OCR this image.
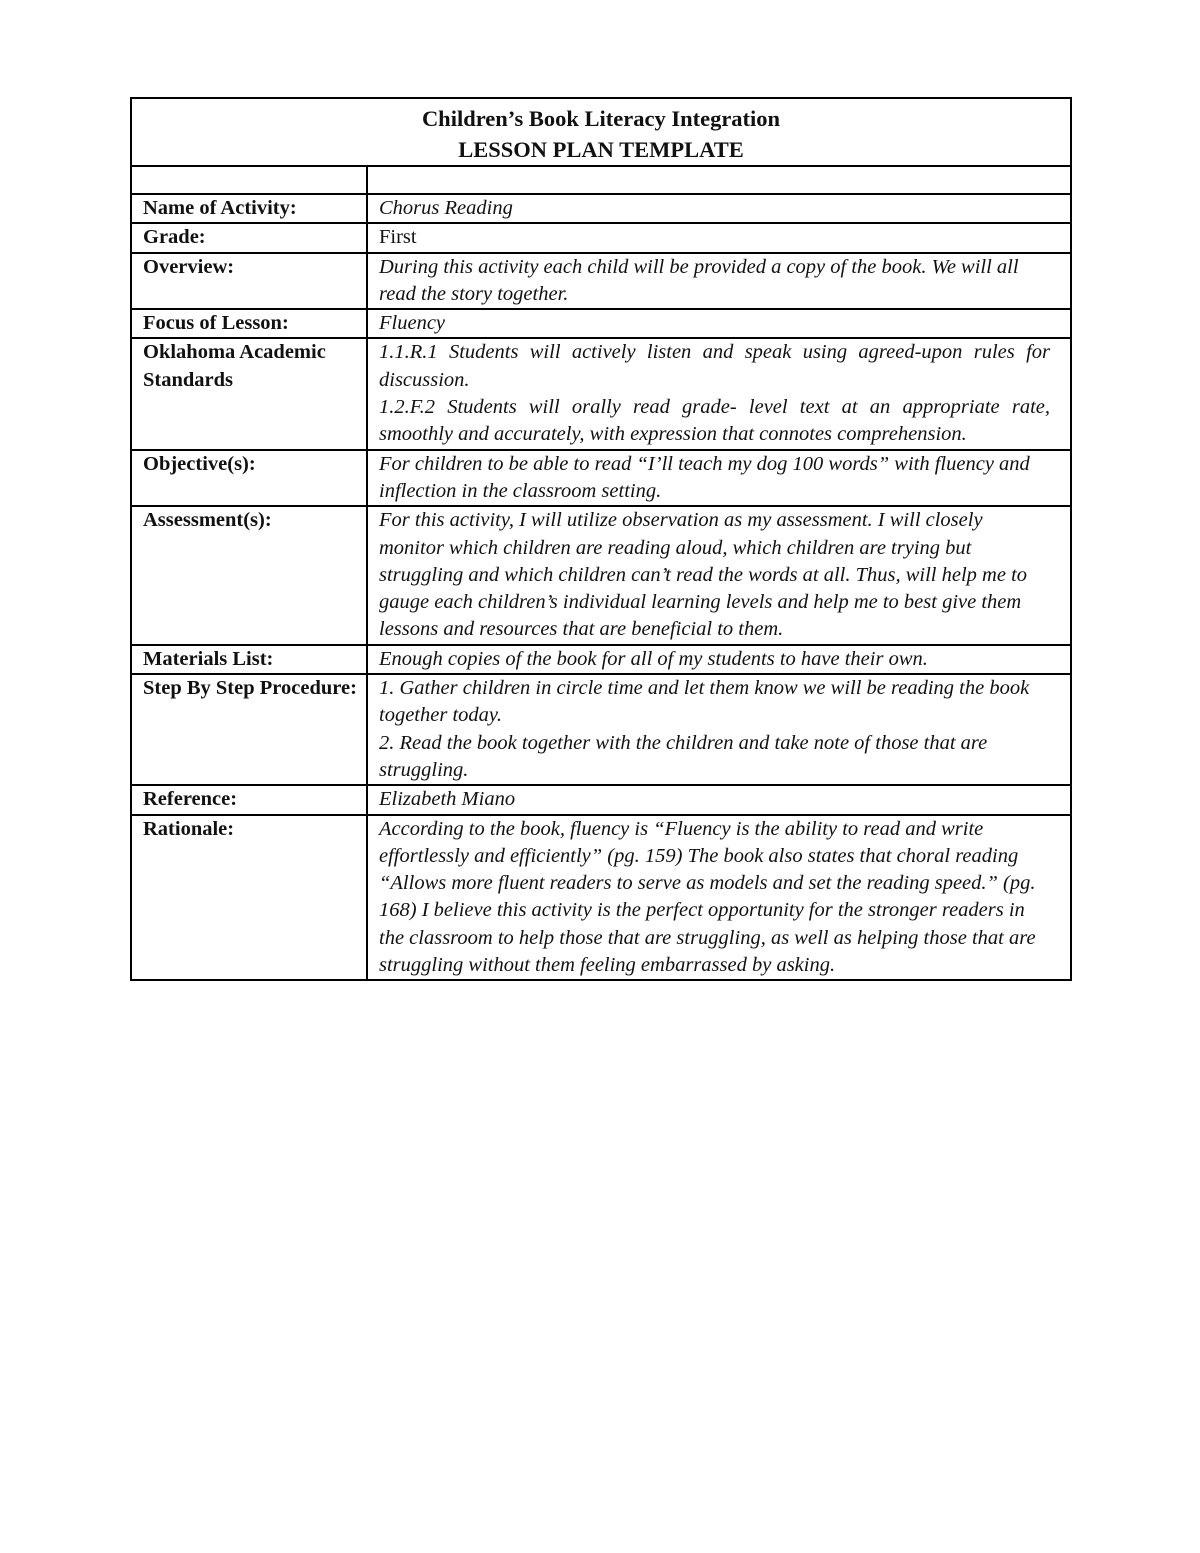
Children’s Book Literacy Integration
LESSON PLAN TEMPLATE	

Name of Activity:	Chorus Reading
Grade:	First
Overview:	During this activity each child will be provided a copy of the book. We will all read the story together.
Focus of Lesson:	Fluency
Oklahoma Academic Standards	1.1.R.1 Students will actively listen and speak using agreed-upon rules for discussion.
1.2.F.2 Students will orally read grade- level text at an appropriate rate, smoothly and accurately, with expression that connotes comprehension.

Objective(s):	For children to be able to read “I’ll teach my dog 100 words” with fluency and inflection in the classroom setting.
Assessment(s):	For this activity, I will utilize observation as my assessment. I will closely monitor which children are reading aloud, which children are trying but struggling and which children can’t read the words at all. Thus, will help me to gauge each children’s individual learning levels and help me to best give them lessons and resources that are beneficial to them.
Materials List:	Enough copies of the book for all of my students to have their own.
Step By Step Procedure:	1. Gather children in circle time and let them know we will be reading the book together today.
2. Read the book together with the children and take note of those that are struggling.

Reference:	Elizabeth Miano
Rationale:	According to the book, fluency is “Fluency is the ability to read and write effortlessly and efficiently” (pg. 159) The book also states that choral reading “Allows more fluent readers to serve as models and set the reading speed.” (pg. 168) I believe this activity is the perfect opportunity for the stronger readers in the classroom to help those that are struggling, as well as helping those that are struggling without them feeling embarrassed by asking.
